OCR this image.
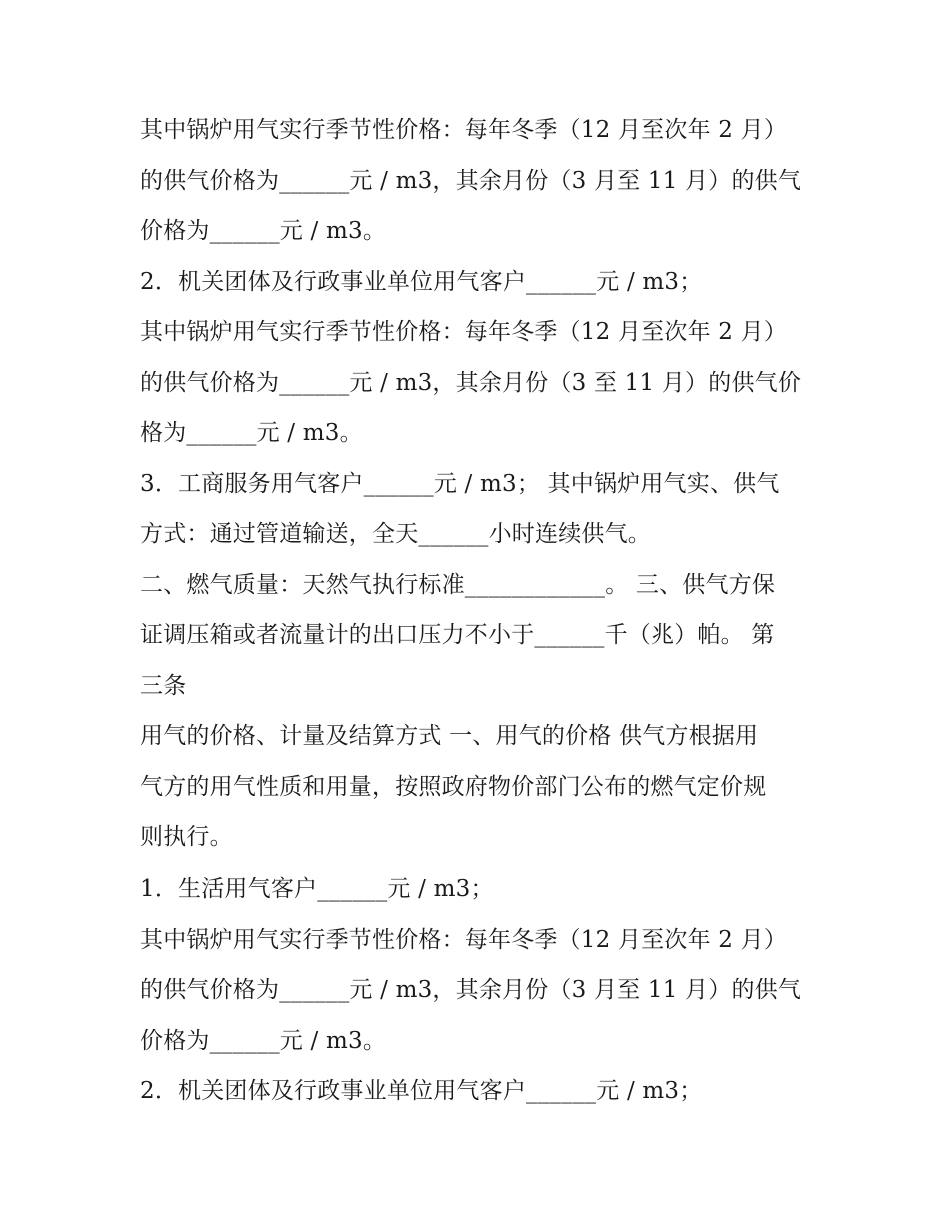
其中锅炉用气实行季节性价格：每年冬季（12 月至次年 2 月）
的供气价格为______元 / m3，其余月份（3 月至 11 月）的供气
价格为______元 / m3。
2．机关团体及行政事业单位用气客户______元 / m3；
其中锅炉用气实行季节性价格：每年冬季（12 月至次年 2 月）
的供气价格为______元 / m3，其余月份（3 至 11 月）的供气价
格为______元 / m3。
3．工商服务用气客户______元 / m3； 其中锅炉用气实、供气
方式：通过管道输送，全天______小时连续供气。
二、燃气质量：天然气执行标准____________。 三、供气方保
证调压箱或者流量计的出口压力不小于______千（兆）帕。 第
三条
用气的价格、计量及结算方式 一、用气的价格 供气方根据用
气方的用气性质和用量，按照政府物价部门公布的燃气定价规
则执行。
1．生活用气客户______元 / m3；
其中锅炉用气实行季节性价格：每年冬季（12 月至次年 2 月）
的供气价格为______元 / m3，其余月份（3 月至 11 月）的供气
价格为______元 / m3。
2．机关团体及行政事业单位用气客户______元 / m3；
